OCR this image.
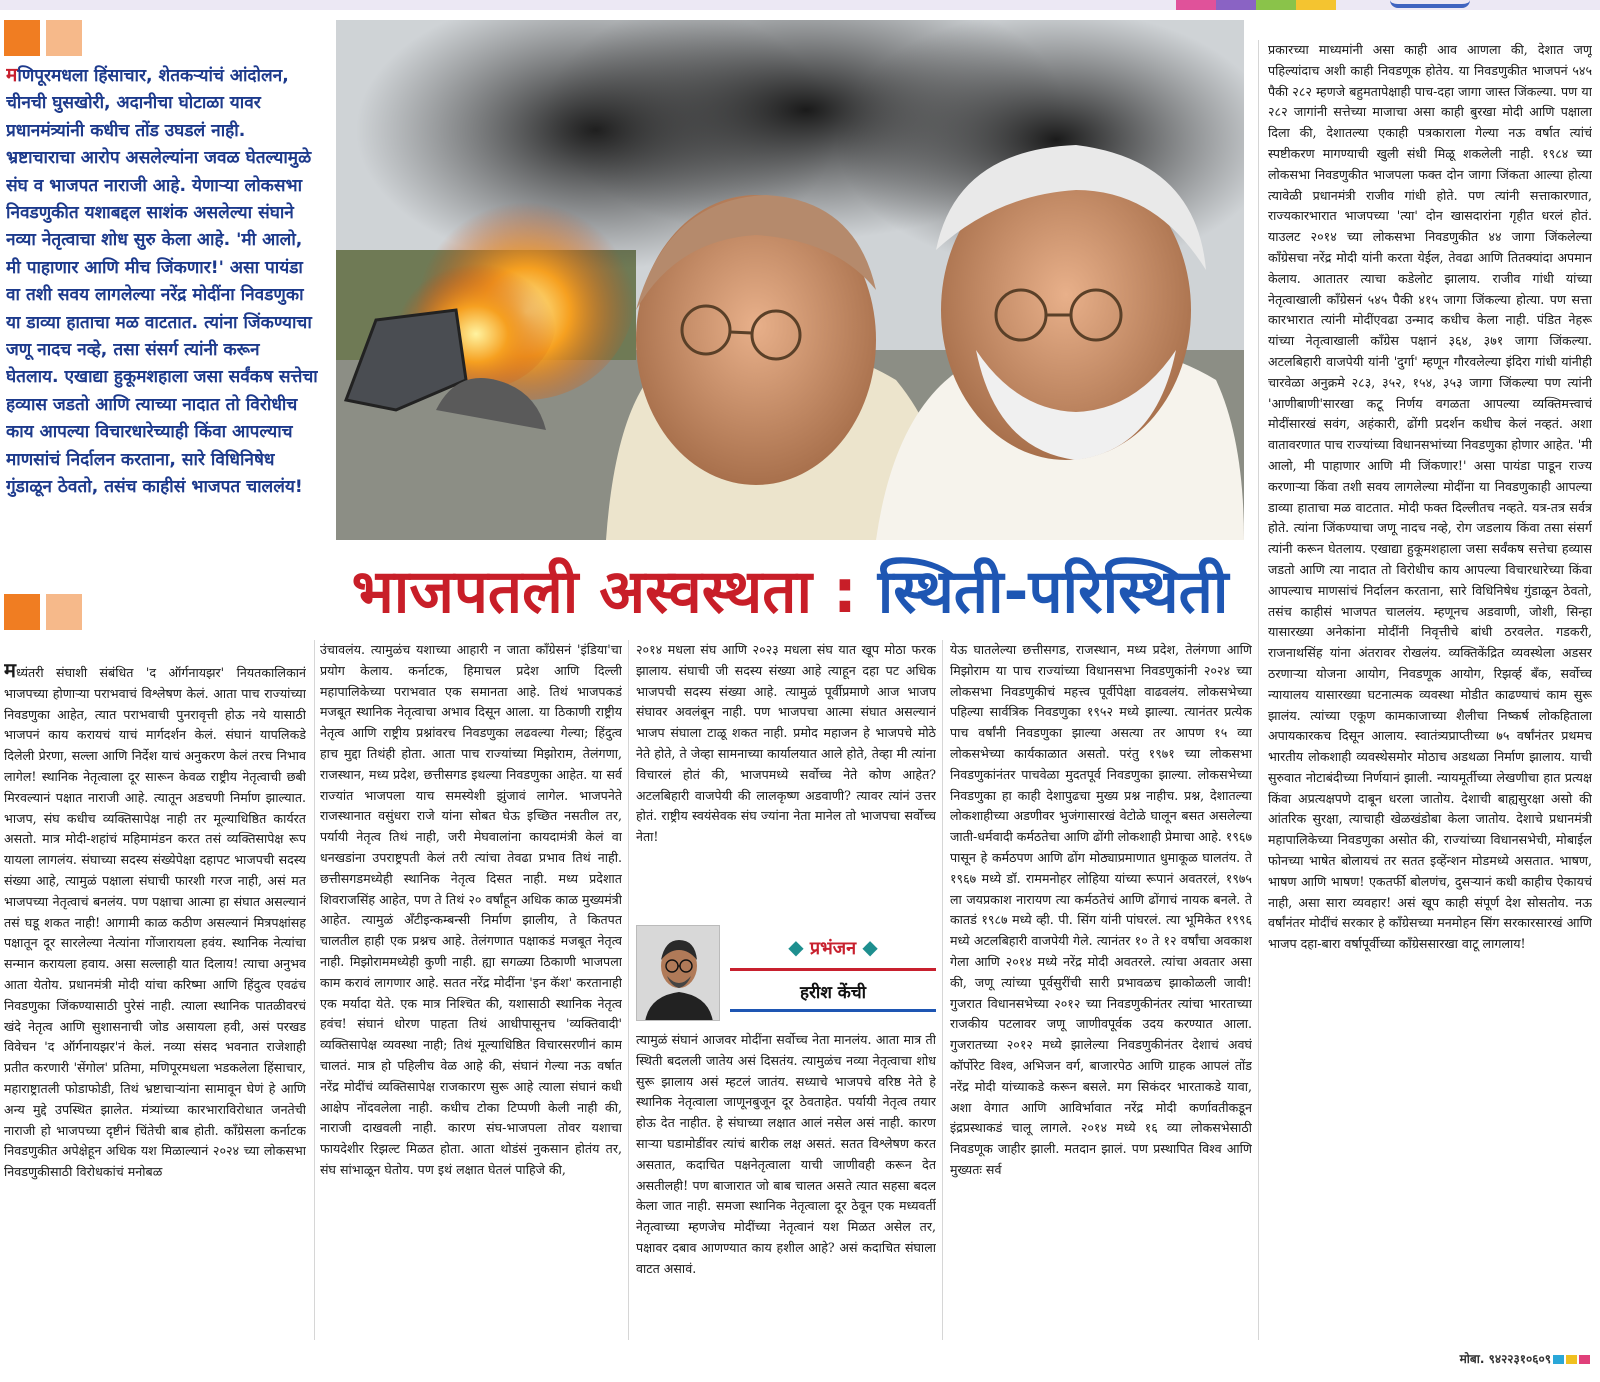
मणिपूरमधला हिंसाचार, शेतकऱ्यांचं आंदोलन, चीनची घुसखोरी, अदानीचा घोटाळा यावर प्रधानमंत्र्यांनी कधीच तोंड उघडलं नाही. भ्रष्टाचाराचा आरोप असलेल्यांना जवळ घेतल्यामुळे संघ व भाजपत नाराजी आहे. येणाऱ्या लोकसभा निवडणुकीत यशाबद्दल साशंक असलेल्या संघाने नव्या नेतृत्वाचा शोध सुरु केला आहे. 'मी आलो, मी पाहाणार आणि मीच जिंकणार!' असा पायंडा वा तशी सवय लागलेल्या नरेंद्र मोदींना निवडणुका या डाव्या हाताचा मळ वाटतात. त्यांना जिंकण्याचा जणू नादच नव्हे, तसा संसर्ग त्यांनी करून घेतलाय. एखाद्या हुकूमशहाला जसा सर्वंकष सत्तेचा हव्यास जडतो आणि त्याच्या नादात तो विरोधीच काय आपल्या विचारधारेच्याही किंवा आपल्याच माणसांचं निर्दालन करताना, सारे विधिनिषेध गुंडाळून ठेवतो, तसंच काहीसं भाजपत चाललंय!
भाजपतली अस्वस्थता : स्थिती-परिस्थिती
मध्यंतरी संघाशी संबंधित 'द ऑर्गनायझर' नियतकालिकानं भाजपच्या होणाऱ्या पराभवाचं विश्लेषण केलं. आता पाच राज्यांच्या निवडणुका आहेत, त्यात पराभवाची पुनरावृत्ती होऊ नये यासाठी भाजपनं काय करायचं याचं मार्गदर्शन केलं. संघानं यापलिकडे दिलेली प्रेरणा, सल्ला आणि निर्देश याचं अनुकरण केलं तरच निभाव लागेल! स्थानिक नेतृत्वाला दूर सारून केवळ राष्ट्रीय नेतृत्वाची छबी मिरवल्यानं पक्षात नाराजी आहे. त्यातून अडचणी निर्माण झाल्यात. भाजप, संघ कधीच व्यक्तिसापेक्ष नाही तर मूल्याधिष्ठित कार्यरत असतो. मात्र मोदी-शहांचं महिमामंडन करत तसं व्यक्तिसापेक्ष रूप यायला लागलंय. संघाच्या सदस्य संख्येपेक्षा दहापट भाजपची सदस्य संख्या आहे, त्यामुळं पक्षाला संघाची फारशी गरज नाही, असं मत भाजपच्या नेतृत्वाचं बनलंय. पण पक्षाचा आत्मा हा संघात असल्यानं तसं घडू शकत नाही! आगामी काळ कठीण असल्यानं मित्रपक्षांसह पक्षातून दूर सारलेल्या नेत्यांना गोंजारायला हवंय. स्थानिक नेत्यांचा सन्मान करायला हवाय. असा सल्लाही यात दिलाय! त्याचा अनुभव आता येतोय. प्रधानमंत्री मोदी यांचा करिष्मा आणि हिंदुत्व एवढंच निवडणुका जिंकण्यासाठी पुरेसं नाही. त्याला स्थानिक पातळीवरचं खंदे नेतृत्व आणि सुशासनाची जोड असायला हवी, असं परखड विवेचन 'द ऑर्गनायझर'नं केलं. नव्या संसद भवनात राजेशाही प्रतीत करणारी 'सेंगोल' प्रतिमा, मणिपूरमधला भडकलेला हिंसाचार, महाराष्ट्रातली फोडाफोडी, तिथं भ्रष्टाचाऱ्यांना सामावून घेणं हे आणि अन्य मुद्दे उपस्थित झालेत. मंत्र्यांच्या कारभाराविरोधात जनतेची नाराजी हो भाजपच्या दृष्टीनं चिंतेची बाब होती. कॉंग्रेसला कर्नाटक निवडणुकीत अपेक्षेहून अधिक यश मिळाल्यानं २०२४ च्या लोकसभा निवडणुकीसाठी विरोधकांचं मनोबळ
उंचावलंय. त्यामुळंच यशाच्या आहारी न जाता कॉंग्रेसनं 'इंडिया'चा प्रयोग केलाय. कर्नाटक, हिमाचल प्रदेश आणि दिल्ली महापालिकेच्या पराभवात एक समानता आहे. तिथं भाजपकडं मजबूत स्थानिक नेतृत्वाचा अभाव दिसून आला. या ठिकाणी राष्ट्रीय नेतृत्व आणि राष्ट्रीय प्रश्नांवरच निवडणुका लढवल्या गेल्या; हिंदुत्व हाच मुद्दा तिथंही होता. आता पाच राज्यांच्या मिझोराम, तेलंगणा, राजस्थान, मध्य प्रदेश, छत्तीसगड इथल्या निवडणुका आहेत. या सर्व राज्यांत भाजपला याच समस्येशी झुंजावं लागेल. भाजपनेते राजस्थानात वसुंधरा राजे यांना सोबत घेऊ इच्छित नसतील तर, पर्यायी नेतृत्व तिथं नाही, जरी मेघवालांना कायदामंत्री केलं वा धनखडांना उपराष्ट्रपती केलं तरी त्यांचा तेवढा प्रभाव तिथं नाही. छत्तीसगडमध्येही स्थानिक नेतृत्व दिसत नाही. मध्य प्रदेशात शिवराजसिंह आहेत, पण ते तिथं २० वर्षांहून अधिक काळ मुख्यमंत्री आहेत. त्यामुळं अँटीइन्कम्बन्सी निर्माण झालीय, ते कितपत चालतील हाही एक प्रश्नच आहे. तेलंगणात पक्षाकडं मजबूत नेतृत्व नाही. मिझोराममध्येही कुणी नाही. ह्या सगळ्या ठिकाणी भाजपला काम करावं लागणार आहे. सतत नरेंद्र मोदींना 'इन कॅश' करतानाही एक मर्यादा येते. एक मात्र निश्चित की, यशासाठी स्थानिक नेतृत्व हवंच! संघानं धोरण पाहता तिथं आधीपासूनच 'व्यक्तिवादी' व्यक्तिसापेक्ष व्यवस्था नाही; तिथं मूल्याधिष्ठित विचारसरणीनं काम चालतं. मात्र हो पहिलीच वेळ आहे की, संघानं गेल्या नऊ वर्षात नरेंद्र मोदींचं व्यक्तिसापेक्ष राजकारण सुरू आहे त्याला संघानं कधी आक्षेप नोंदवलेला नाही. कधीच टोका टिप्पणी केली नाही की, नाराजी दाखवली नाही. कारण संघ-भाजपला तोवर यशाचा फायदेशीर रिझल्ट मिळत होता. आता थोडंसं नुकसान होतंय तर, संघ सांभाळून घेतोय. पण इथं लक्षात घेतलं पाहिजे की,
२०१४ मधला संघ आणि २०२३ मधला संघ यात खूप मोठा फरक झालाय. संघाची जी सदस्य संख्या आहे त्याहून दहा पट अधिक भाजपची सदस्य संख्या आहे. त्यामुळं पूर्वीप्रमाणे आज भाजप संघावर अवलंबून नाही. पण भाजपचा आत्मा संघात असल्यानं भाजप संघाला टाळू शकत नाही. प्रमोद महाजन हे भाजपचे मोठे नेते होते, ते जेव्हा सामनाच्या कार्यालयात आले होते, तेव्हा मी त्यांना विचारलं होतं की, भाजपमध्ये सर्वोच्च नेते कोण आहेत? अटलबिहारी वाजपेयी की लालकृष्ण अडवाणी? त्यावर त्यांनं उत्तर होतं. राष्ट्रीय स्वयंसेवक संघ ज्यांना नेता मानेल तो भाजपचा सर्वोच्च नेता!
◆ प्रभंजन ◆
हरीश केंची
त्यामुळं संघानं आजवर मोदींना सर्वोच्च नेता मानलंय. आता मात्र ती स्थिती बदलली जातेय असं दिसतंय. त्यामुळंच नव्या नेतृत्वाचा शोध सुरू झालाय असं म्हटलं जातंय. सध्याचे भाजपचे वरिष्ठ नेते हे स्थानिक नेतृत्वाला जाणूनबुजून दूर ठेवताहेत. पर्यायी नेतृत्व तयार होऊ देत नाहीत. हे संघाच्या लक्षात आलं नसेल असं नाही. कारण साऱ्या घडामोडींवर त्यांचं बारीक लक्ष असतं. सतत विश्लेषण करत असतात, कदाचित पक्षनेतृत्वाला याची जाणीवही करून देत असतीलही! पण बाजारात जो बाब चालत असते त्यात सहसा बदल केला जात नाही. समजा स्थानिक नेतृत्वाला दूर ठेवून एक मध्यवर्ती नेतृत्वाच्या म्हणजेच मोदींच्या नेतृत्वानं यश मिळत असेल तर, पक्षावर दबाव आणण्यात काय हशील आहे? असं कदाचित संघाला वाटत असावं.
येऊ घातलेल्या छत्तीसगड, राजस्थान, मध्य प्रदेश, तेलंगणा आणि मिझोराम या पाच राज्यांच्या विधानसभा निवडणुकांनी २०२४ च्या लोकसभा निवडणुकीचं महत्त्व पूर्वीपेक्षा वाढवलंय. लोकसभेच्या पहिल्या सार्वत्रिक निवडणुका १९५२ मध्ये झाल्या. त्यानंतर प्रत्येक पाच वर्षांनी निवडणुका झाल्या असत्या तर आपण १५ व्या लोकसभेच्या कार्यकाळात असतो. परंतु १९७१ च्या लोकसभा निवडणुकांनंतर पाचवेळा मुदतपूर्व निवडणुका झाल्या. लोकसभेच्या निवडणुका हा काही देशापुढचा मुख्य प्रश्न नाहीच. प्रश्न, देशातल्या लोकशाहीच्या अडणीवर भुजंगासारखं वेटोळे घालून बसत असलेल्या जाती-धर्मवादी कर्मठतेचा आणि ढोंगी लोकशाही प्रेमाचा आहे. १९६७ पासून हे कर्मठपण आणि ढोंग मोठ्याप्रमाणात धुमाकूळ घालतंय. ते १९६७ मध्ये डॉ. राममनोहर लोहिया यांच्या रूपानं अवतरलं, १९७५ ला जयप्रकाश नारायण त्या कर्मठतेचं आणि ढोंगाचं नायक बनले. ते कातडं १९८७ मध्ये व्ही. पी. सिंग यांनी पांघरलं. त्या भूमिकेत १९९६ मध्ये अटलबिहारी वाजपेयी गेले. त्यानंतर १० ते १२ वर्षांचा अवकाश गेला आणि २०१४ मध्ये नरेंद्र मोदी अवतरले. त्यांचा अवतार असा की, जणू त्यांच्या पूर्वसुरींची सारी प्रभावळच झाकोळली जावी! गुजरात विधानसभेच्या २०१२ च्या निवडणुकीनंतर त्यांचा भारताच्या राजकीय पटलावर जणू जाणीवपूर्वक उदय करण्यात आला. गुजरातच्या २०१२ मध्ये झालेल्या निवडणुकीनंतर देशाचं अवघं कॉर्पोरेट विश्व, अभिजन वर्ग, बाजारपेठ आणि ग्राहक आपलं तोंड नरेंद्र मोदी यांच्याकडे करून बसले. मग सिकंदर भारताकडे यावा, अशा वेगात आणि आविर्भावात नरेंद्र मोदी कर्णावतीकडून इंद्रप्रस्थाकडं चालू लागले. २०१४ मध्ये १६ व्या लोकसभेसाठी निवडणूक जाहीर झाली. मतदान झालं. पण प्रस्थापित विश्व आणि मुख्यतः सर्व
प्रकारच्या माध्यमांनी असा काही आव आणला की, देशात जणू पहिल्यांदाच अशी काही निवडणूक होतेय. या निवडणुकीत भाजपनं ५४५ पैकी २८२ म्हणजे बहुमतापेक्षाही पाच-दहा जागा जास्त जिंकल्या. पण या २८२ जागांनी सत्तेच्या माजाचा असा काही बुरखा मोदी आणि पक्षाला दिला की, देशातल्या एकाही पत्रकाराला गेल्या नऊ वर्षात त्यांचं स्पष्टीकरण मागण्याची खुली संधी मिळू शकलेली नाही. १९८४ च्या लोकसभा निवडणुकीत भाजपला फक्त दोन जागा जिंकता आल्या होत्या त्यावेळी प्रधानमंत्री राजीव गांधी होते. पण त्यांनी सत्ताकारणात, राज्यकारभारात भाजपच्या 'त्या' दोन खासदारांना गृहीत धरलं होतं. याउलट २०१४ च्या लोकसभा निवडणुकीत ४४ जागा जिंकलेल्या कॉंग्रेसचा नरेंद्र मोदी यांनी करता येईल, तेवढा आणि तितक्यांदा अपमान केलाय. आतातर त्याचा कडेलोट झालाय. राजीव गांधी यांच्या नेतृत्वाखाली कॉंग्रेसनं ५४५ पैकी ४१५ जागा जिंकल्या होत्या. पण सत्ता कारभारात त्यांनी मोदींएवढा उन्माद कधीच केला नाही. पंडित नेहरू यांच्या नेतृत्वाखाली कॉंग्रेस पक्षानं ३६४, ३७१ जागा जिंकल्या. अटलबिहारी वाजपेयी यांनी 'दुर्गा' म्हणून गौरवलेल्या इंदिरा गांधी यांनीही चारवेळा अनुक्रमे २८३, ३५२, १५४, ३५३ जागा जिंकल्या पण त्यांनी 'आणीबाणी'सारखा कटू निर्णय वगळता आपल्या व्यक्तिमत्त्वाचं मोदींसारखं सवंग, अहंकारी, ढोंगी प्रदर्शन कधीच केलं नव्हतं. अशा वातावरणात पाच राज्यांच्या विधानसभांच्या निवडणुका होणार आहेत. 'मी आलो, मी पाहाणार आणि मी जिंकणार!' असा पायंडा पाडून राज्य करणाऱ्या किंवा तशी सवय लागलेल्या मोदींना या निवडणुकाही आपल्या डाव्या हाताचा मळ वाटतात. मोदी फक्त दिल्लीतच नव्हते. यत्र-तत्र सर्वत्र होते. त्यांना जिंकण्याचा जणू नादच नव्हे, रोग जडलाय किंवा तसा संसर्ग त्यांनी करून घेतलाय. एखाद्या हुकूमशहाला जसा सर्वंकष सत्तेचा हव्यास जडतो आणि त्या नादात तो विरोधीच काय आपल्या विचारधारेच्या किंवा आपल्याच माणसांचं निर्दालन करताना, सारे विधिनिषेध गुंडाळून ठेवतो, तसंच काहीसं भाजपत चाललंय. म्हणूनच अडवाणी, जोशी, सिन्हा यासारख्या अनेकांना मोदींनी निवृत्तीचे बांधी ठरवलेत. गडकरी, राजनाथसिंह यांना अंतरावर रोखलंय. व्यक्तिकेंद्रित व्यवस्थेला अडसर ठरणाऱ्या योजना आयोग, निवडणूक आयोग, रिझर्व्ह बँक, सर्वोच्च न्यायालय यासारख्या घटनात्मक व्यवस्था मोडीत काढण्याचं काम सुरू झालंय. त्यांच्या एकूण कामकाजाच्या शैलीचा निष्कर्ष लोकहिताला अपायकारकच दिसून आलाय. स्वातंत्र्यप्राप्तीच्या ७५ वर्षांनंतर प्रथमच भारतीय लोकशाही व्यवस्थेसमोर मोठाच अडथळा निर्माण झालाय. याची सुरुवात नोटाबंदीच्या निर्णयानं झाली. न्यायमूर्तीच्या लेखणीचा हात प्रत्यक्ष किंवा अप्रत्यक्षपणे दाबून धरला जातोय. देशाची बाह्यसुरक्षा असो की आंतरिक सुरक्षा, त्याचाही खेळखंडोबा केला जातोय. देशाचे प्रधानमंत्री महापालिकेच्या निवडणुका असोत की, राज्यांच्या विधानसभेची, मोबाईल फोनच्या भाषेत बोलायचं तर सतत इव्हेंन्शन मोडमध्ये असतात. भाषण, भाषण आणि भाषण! एकतर्फी बोलणंच, दुसऱ्यानं कधी काहीच ऐकायचं नाही, असा सारा व्यवहार! असं खूप काही संपूर्ण देश सोसतोय. नऊ वर्षांनंतर मोदींचं सरकार हे कॉंग्रेसच्या मनमोहन सिंग सरकारसारखं आणि भाजप दहा-बारा वर्षापूर्वीच्या कॉंग्रेससारखा वाटू लागलाय!
मोबा. ९४२२३१०६०९
